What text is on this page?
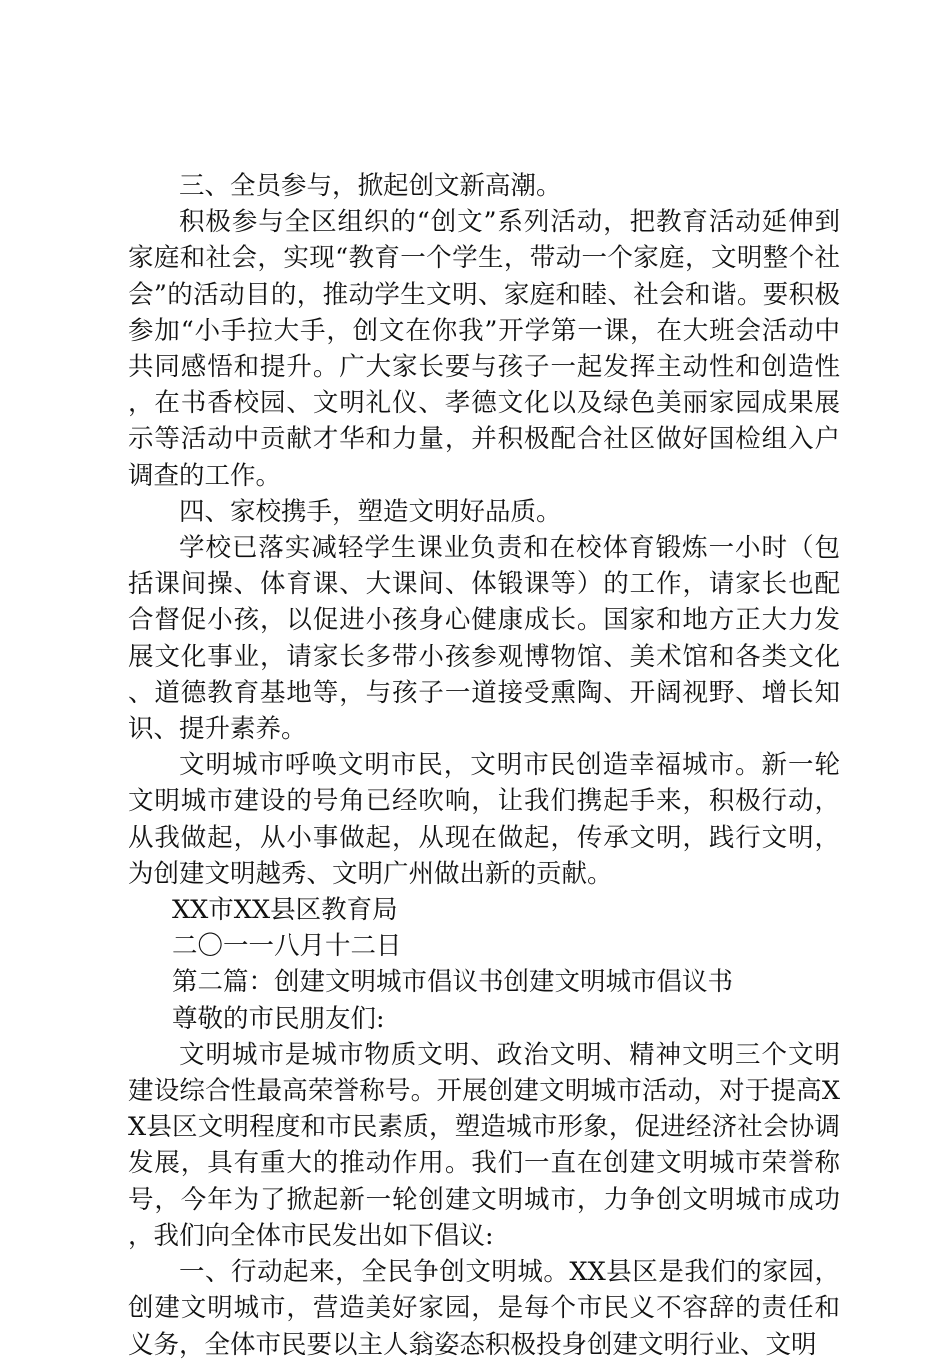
三、全员参与，掀起创文新高潮。

积极参与全区组织的“创文”系列活动，把教育活动延伸到家庭和社会，实现“教育一个学生，带动一个家庭，文明整个社会”的活动目的，推动学生文明、家庭和睦、社会和谐。要积极参加“小手拉大手，创文在你我”开学第一课，在大班会活动中共同感悟和提升。广大家长要与孩子一起发挥主动性和创造性，在书香校园、文明礼仪、孝德文化以及绿色美丽家园成果展示等活动中贡献才华和力量，并积极配合社区做好国检组入户调查的工作。

四、家校携手，塑造文明好品质。

学校已落实减轻学生课业负责和在校体育锻炼一小时（包括课间操、体育课、大课间、体锻课等）的工作，请家长也配合督促小孩，以促进小孩身心健康成长。国家和地方正大力发展文化事业，请家长多带小孩参观博物馆、美术馆和各类文化、道德教育基地等，与孩子一道接受熏陶、开阔视野、增长知识、提升素养。

文明城市呼唤文明市民，文明市民创造幸福城市。新一轮文明城市建设的号角已经吹响，让我们携起手来，积极行动，从我做起，从小事做起，从现在做起，传承文明，践行文明，为创建文明越秀、文明广州做出新的贡献。

XX市XX县区教育局

二〇一一八月十二日

第二篇：创建文明城市倡议书创建文明城市倡议书

尊敬的市民朋友们:

文明城市是城市物质文明、政治文明、精神文明三个文明建设综合性最高荣誉称号。开展创建文明城市活动，对于提高XX县区文明程度和市民素质，塑造城市形象，促进经济社会协调发展，具有重大的推动作用。我们一直在创建文明城市荣誉称号，今年为了掀起新一轮创建文明城市，力争创文明城市成功，我们向全体市民发出如下倡议:

一、行动起来，全民争创文明城。XX县区是我们的家园，创建文明城市，营造美好家园，是每个市民义不容辞的责任和义务，全体市民要以主人翁姿态积极投身创建文明行业、文明
